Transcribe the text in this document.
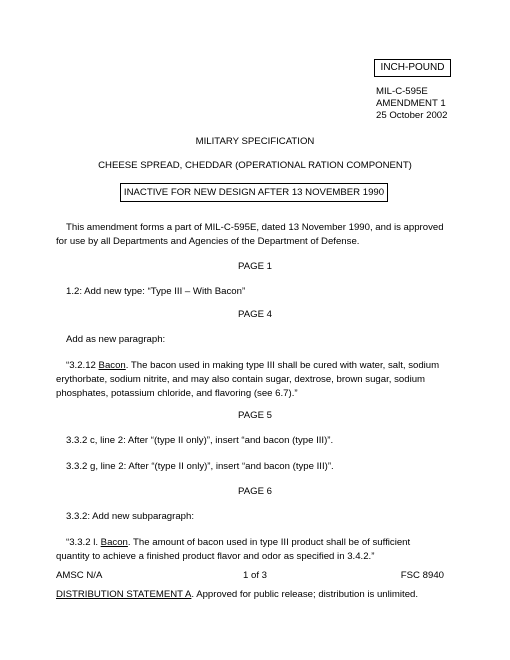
INCH-POUND
MIL-C-595E
AMENDMENT 1
25 October 2002
MILITARY SPECIFICATION
CHEESE SPREAD, CHEDDAR (OPERATIONAL RATION COMPONENT)
INACTIVE FOR NEW DESIGN AFTER 13 NOVEMBER 1990
This amendment forms a part of MIL-C-595E, dated 13 November 1990, and is approved for use by all Departments and Agencies of the Department of Defense.
PAGE 1
1.2: Add new type: “Type III – With Bacon”
PAGE 4
Add as new paragraph:
“3.2.12 Bacon. The bacon used in making type III shall be cured with water, salt, sodium erythorbate, sodium nitrite, and may also contain sugar, dextrose, brown sugar, sodium phosphates, potassium chloride, and flavoring (see 6.7).”
PAGE 5
3.3.2 c, line 2: After “(type II only)”, insert “and bacon (type III)”.
3.3.2 g, line 2: After “(type II only)”, insert “and bacon (type III)”.
PAGE 6
3.3.2: Add new subparagraph:
“3.3.2 l. Bacon. The amount of bacon used in type III product shall be of sufficient quantity to achieve a finished product flavor and odor as specified in 3.4.2.”
AMSC N/A	1 of 3	FSC 8940
DISTRIBUTION STATEMENT A. Approved for public release; distribution is unlimited.
